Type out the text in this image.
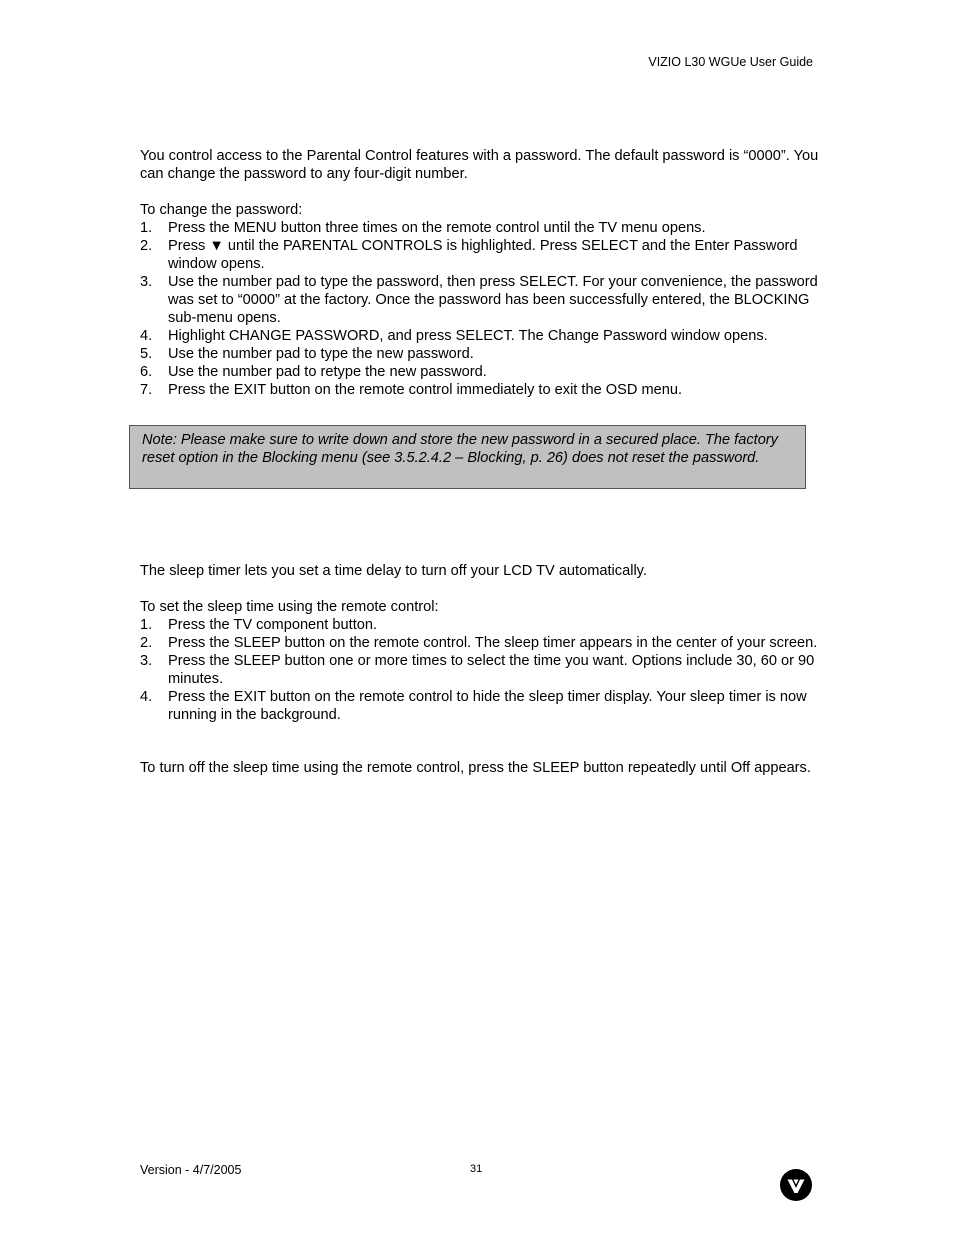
VIZIO L30 WGUe User Guide

You control access to the Parental Control features with a password. The default password is “0000”. You can change the password to any four-digit number.

To change the password:

1. Press the MENU button three times on the remote control until the TV menu opens.
2. Press ▼ until the PARENTAL CONTROLS is highlighted. Press SELECT and the Enter Password window opens.
3. Use the number pad to type the password, then press SELECT. For your convenience, the password was set to “0000” at the factory. Once the password has been successfully entered, the BLOCKING sub-menu opens.
4. Highlight CHANGE PASSWORD, and press SELECT. The Change Password window opens.
5. Use the number pad to type the new password.
6. Use the number pad to retype the new password.
7. Press the EXIT button on the remote control immediately to exit the OSD menu.
Note: Please make sure to write down and store the new password in a secured place. The factory reset option in the Blocking menu (see 3.5.2.4.2 – Blocking, p. 26) does not reset the password.

The sleep timer lets you set a time delay to turn off your LCD TV automatically.

To set the sleep time using the remote control:

1. Press the TV component button.
2. Press the SLEEP button on the remote control. The sleep timer appears in the center of your screen.
3. Press the SLEEP button one or more times to select the time you want. Options include 30, 60 or 90 minutes.
4. Press the EXIT button on the remote control to hide the sleep timer display. Your sleep timer is now running in the background.

To turn off the sleep time using the remote control, press the SLEEP button repeatedly until Off appears.

Version - 4/7/2005	31
